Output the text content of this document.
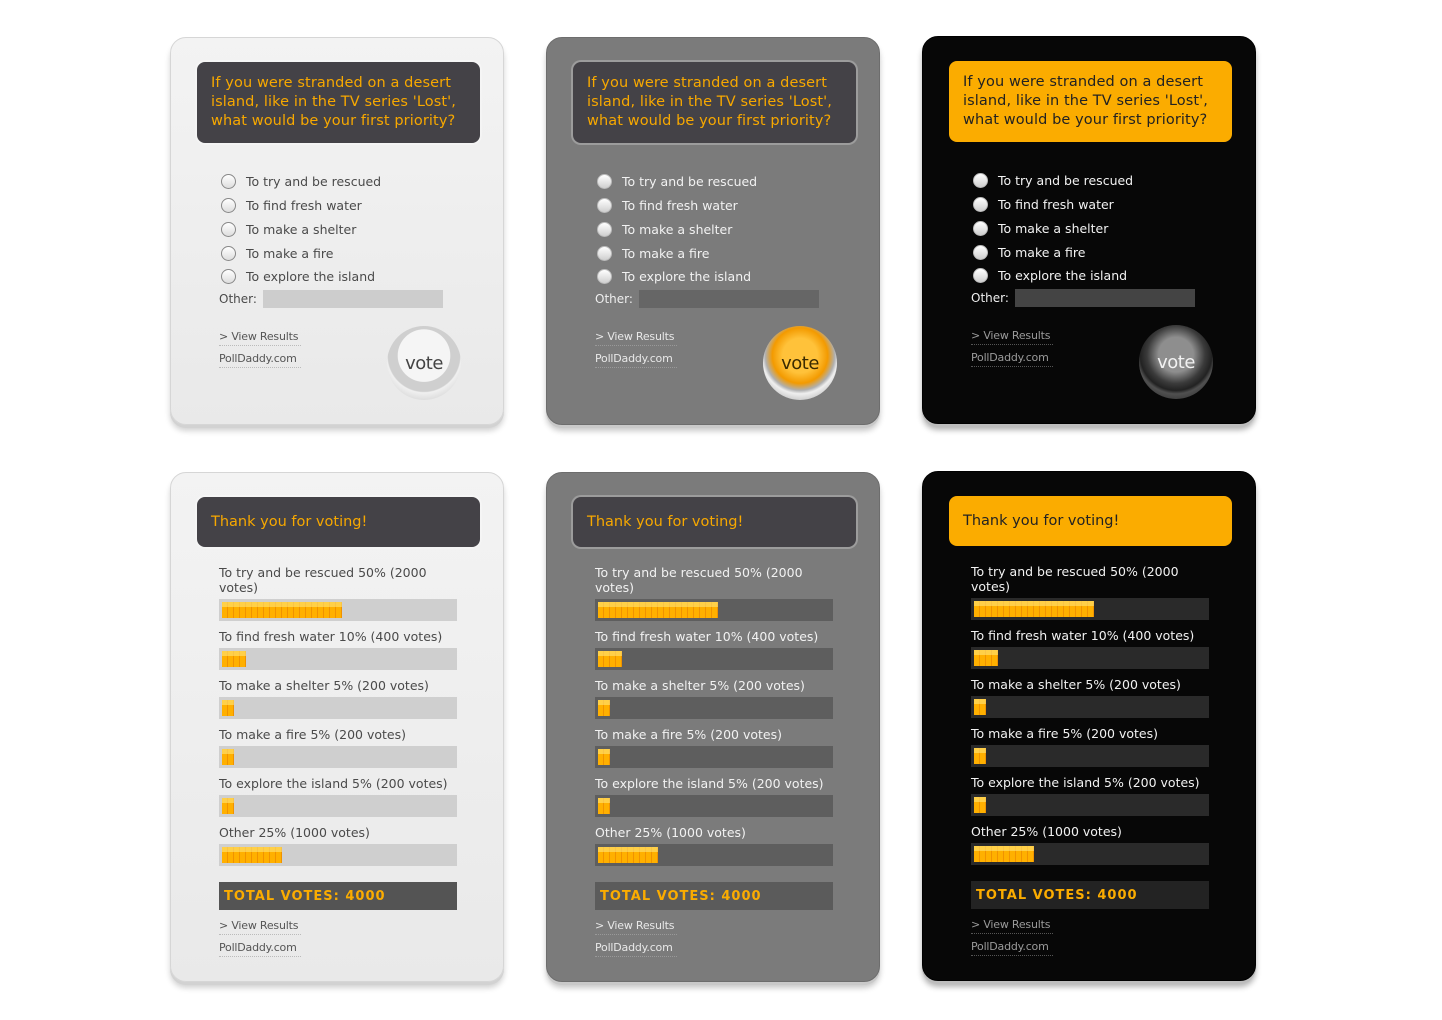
If you were stranded on a desert island, like in the TV series 'Lost', what would be your first priority?
To try and be rescued
To find fresh water
To make a shelter
To make a fire
To explore the island
Other:
> View Results
PollDaddy.com	vote
If you were stranded on a desert island, like in the TV series 'Lost', what would be your first priority?
To try and be rescued
To find fresh water
To make a shelter
To make a fire
To explore the island
Other:
> View Results
PollDaddy.com	vote
If you were stranded on a desert island, like in the TV series 'Lost', what would be your first priority?
To try and be rescued
To find fresh water
To make a shelter
To make a fire
To explore the island
Other:
> View Results
PollDaddy.com	vote
Thank you for voting!
To try and be rescued 50% (2000 votes)
To find fresh water 10% (400 votes)
To make a shelter 5% (200 votes)
To make a fire 5% (200 votes)
To explore the island 5% (200 votes)
Other 25% (1000 votes)
TOTAL VOTES: 4000
> View Results
PollDaddy.com
Thank you for voting!
To try and be rescued 50% (2000 votes)
To find fresh water 10% (400 votes)
To make a shelter 5% (200 votes)
To make a fire 5% (200 votes)
To explore the island 5% (200 votes)
Other 25% (1000 votes)
TOTAL VOTES: 4000
> View Results
PollDaddy.com
Thank you for voting!
To try and be rescued 50% (2000 votes)
To find fresh water 10% (400 votes)
To make a shelter 5% (200 votes)
To make a fire 5% (200 votes)
To explore the island 5% (200 votes)
Other 25% (1000 votes)
TOTAL VOTES: 4000
> View Results
PollDaddy.com
